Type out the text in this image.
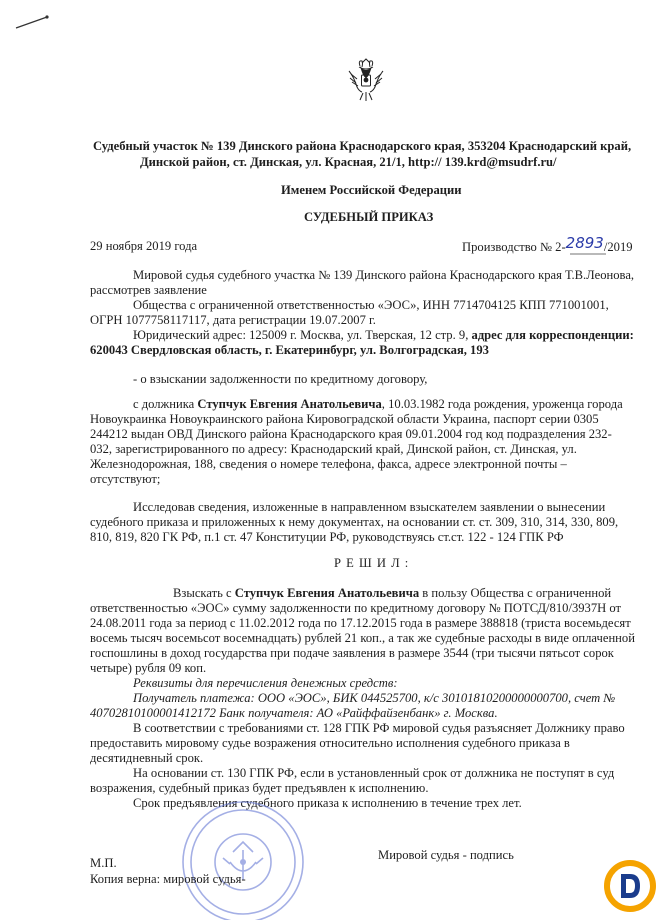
Судебный участок № 139 Динского района Краснодарского края, 353204 Краснодарский край,
Динской район, ст. Динская, ул. Красная, 21/1, http:// 139.krd@msudrf.ru/
Именем Российской Федерации
СУДЕБНЫЙ ПРИКАЗ
29 ноября 2019 года	Производство № 2-2893/2019
Мировой судья судебного участка № 139 Динского района Краснодарского края Т.В.Леонова,
рассмотрев заявление
Общества с ограниченной ответственностью «ЭОС», ИНН 7714704125 КПП 771001001,
ОГРН 1077758117117, дата регистрации 19.07.2007 г.
Юридический адрес: 125009 г. Москва, ул. Тверская, 12 стр. 9, адрес для корреспонденции:
620043 Свердловская область, г. Екатеринбург, ул. Волгоградская, 193
- о взыскании задолженности по кредитному договору,
с должника Ступчук Евгения Анатольевича, 10.03.1982 года рождения, уроженца города
Новоукраинка Новоукраинского района Кировоградской области Украина, паспорт серии 0305
244212 выдан ОВД Динского района Краснодарского края 09.01.2004 год код подразделения 232-
032, зарегистрированного по адресу: Краснодарский край, Динской район, ст. Динская, ул.
Железнодорожная, 188, сведения о номере телефона, факса, адресе электронной почты –
отсутствуют;
Исследовав сведения, изложенные в направленном взыскателем заявлении о вынесении
судебного приказа и приложенных к нему документах, на основании ст. ст. 309, 310, 314, 330, 809,
810, 819, 820 ГК РФ, п.1 ст. 47 Конституции РФ, руководствуясь ст.ст. 122 - 124 ГПК РФ
Р Е Ш И Л :
Взыскать с Ступчук Евгения Анатольевича в пользу Общества с ограниченной
ответственностью «ЭОС» сумму задолженности по кредитному договору № ПОТСД/810/3937Н от
24.08.2011 года за период с 11.02.2012 года по 17.12.2015 года в размере 388818 (триста восемьдесят
восемь тысяч восемьсот восемнадцать) рублей 21 коп., а так же судебные расходы в виде оплаченной
госпошлины в доход государства при подаче заявления в размере 3544 (три тысячи пятьсот сорок
четыре) рубля 09 коп.
Реквизиты для перечисления денежных средств:
Получатель платежа: ООО «ЭОС», БИК 044525700, к/с 30101810200000000700, счет №
40702810100001412172 Банк получателя: АО «Райффайзенбанк» г. Москва.
В соответствии с требованиями ст. 128 ГПК РФ мировой судья разъясняет Должнику право
предоставить мировому судье возражения относительно исполнения судебного приказа в
десятидневный срок.
На основании ст. 130 ГПК РФ, если в установленный срок от должника не поступят в суд
возражения, судебный приказ будет предъявлен к исполнению.
Срок предъявления судебного приказа к исполнению в течение трех лет.
Мировой судья - подпись
М.П.
Копия верна: мировой судья-
